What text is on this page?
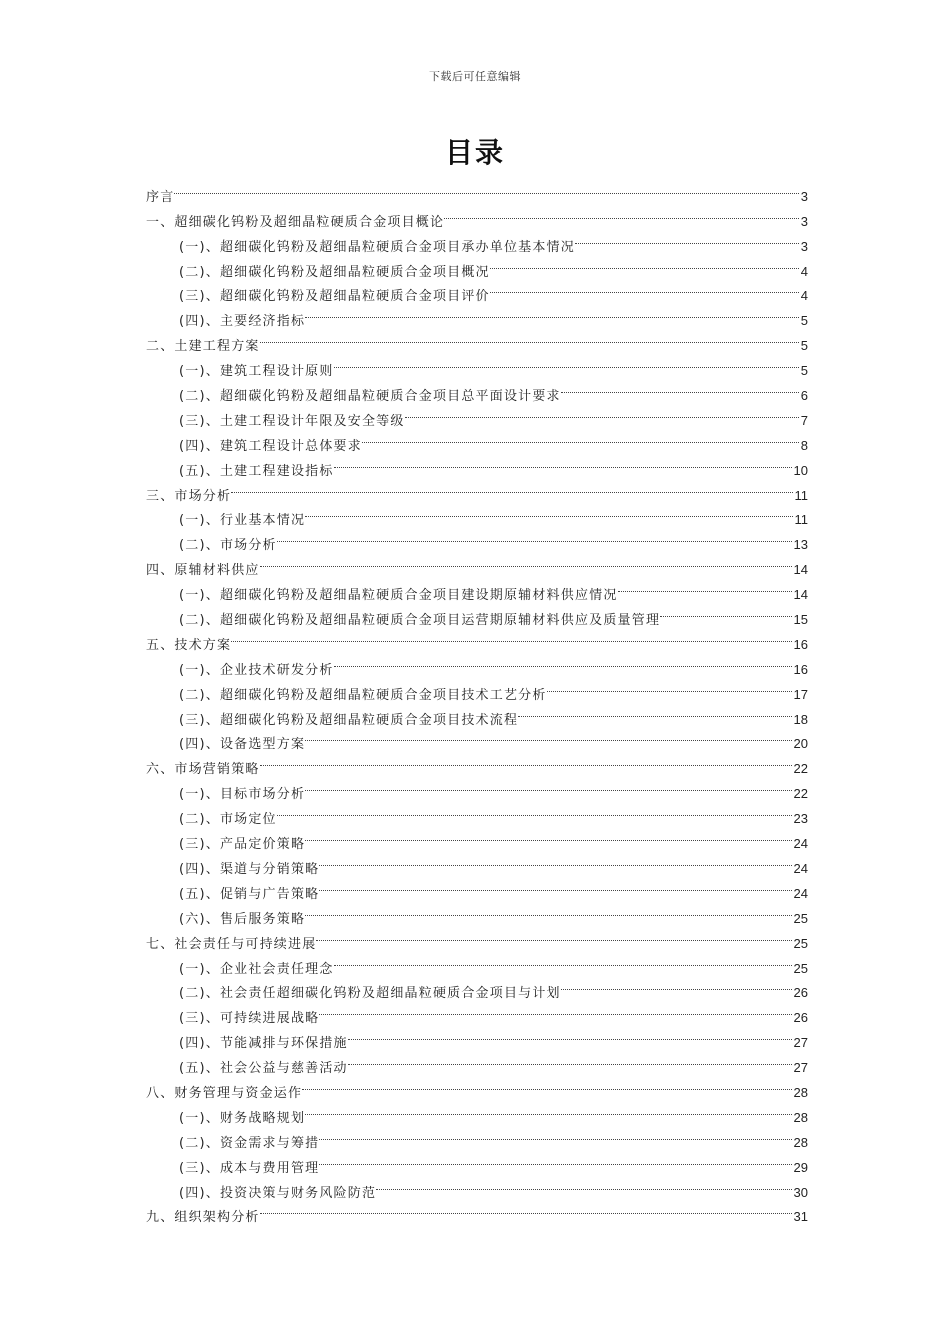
下载后可任意编辑
目录
序言	3
一、超细碳化钨粉及超细晶粒硬质合金项目概论	3
(一)、超细碳化钨粉及超细晶粒硬质合金项目承办单位基本情况	3
(二)、超细碳化钨粉及超细晶粒硬质合金项目概况	4
(三)、超细碳化钨粉及超细晶粒硬质合金项目评价	4
(四)、主要经济指标	5
二、土建工程方案	5
(一)、建筑工程设计原则	5
(二)、超细碳化钨粉及超细晶粒硬质合金项目总平面设计要求	6
(三)、土建工程设计年限及安全等级	7
(四)、建筑工程设计总体要求	8
(五)、土建工程建设指标	10
三、市场分析	11
(一)、行业基本情况	11
(二)、市场分析	13
四、原辅材料供应	14
(一)、超细碳化钨粉及超细晶粒硬质合金项目建设期原辅材料供应情况	14
(二)、超细碳化钨粉及超细晶粒硬质合金项目运营期原辅材料供应及质量管理	15
五、技术方案	16
(一)、企业技术研发分析	16
(二)、超细碳化钨粉及超细晶粒硬质合金项目技术工艺分析	17
(三)、超细碳化钨粉及超细晶粒硬质合金项目技术流程	18
(四)、设备选型方案	20
六、市场营销策略	22
(一)、目标市场分析	22
(二)、市场定位	23
(三)、产品定价策略	24
(四)、渠道与分销策略	24
(五)、促销与广告策略	24
(六)、售后服务策略	25
七、社会责任与可持续进展	25
(一)、企业社会责任理念	25
(二)、社会责任超细碳化钨粉及超细晶粒硬质合金项目与计划	26
(三)、可持续进展战略	26
(四)、节能减排与环保措施	27
(五)、社会公益与慈善活动	27
八、财务管理与资金运作	28
(一)、财务战略规划	28
(二)、资金需求与筹措	28
(三)、成本与费用管理	29
(四)、投资决策与财务风险防范	30
九、组织架构分析	31
